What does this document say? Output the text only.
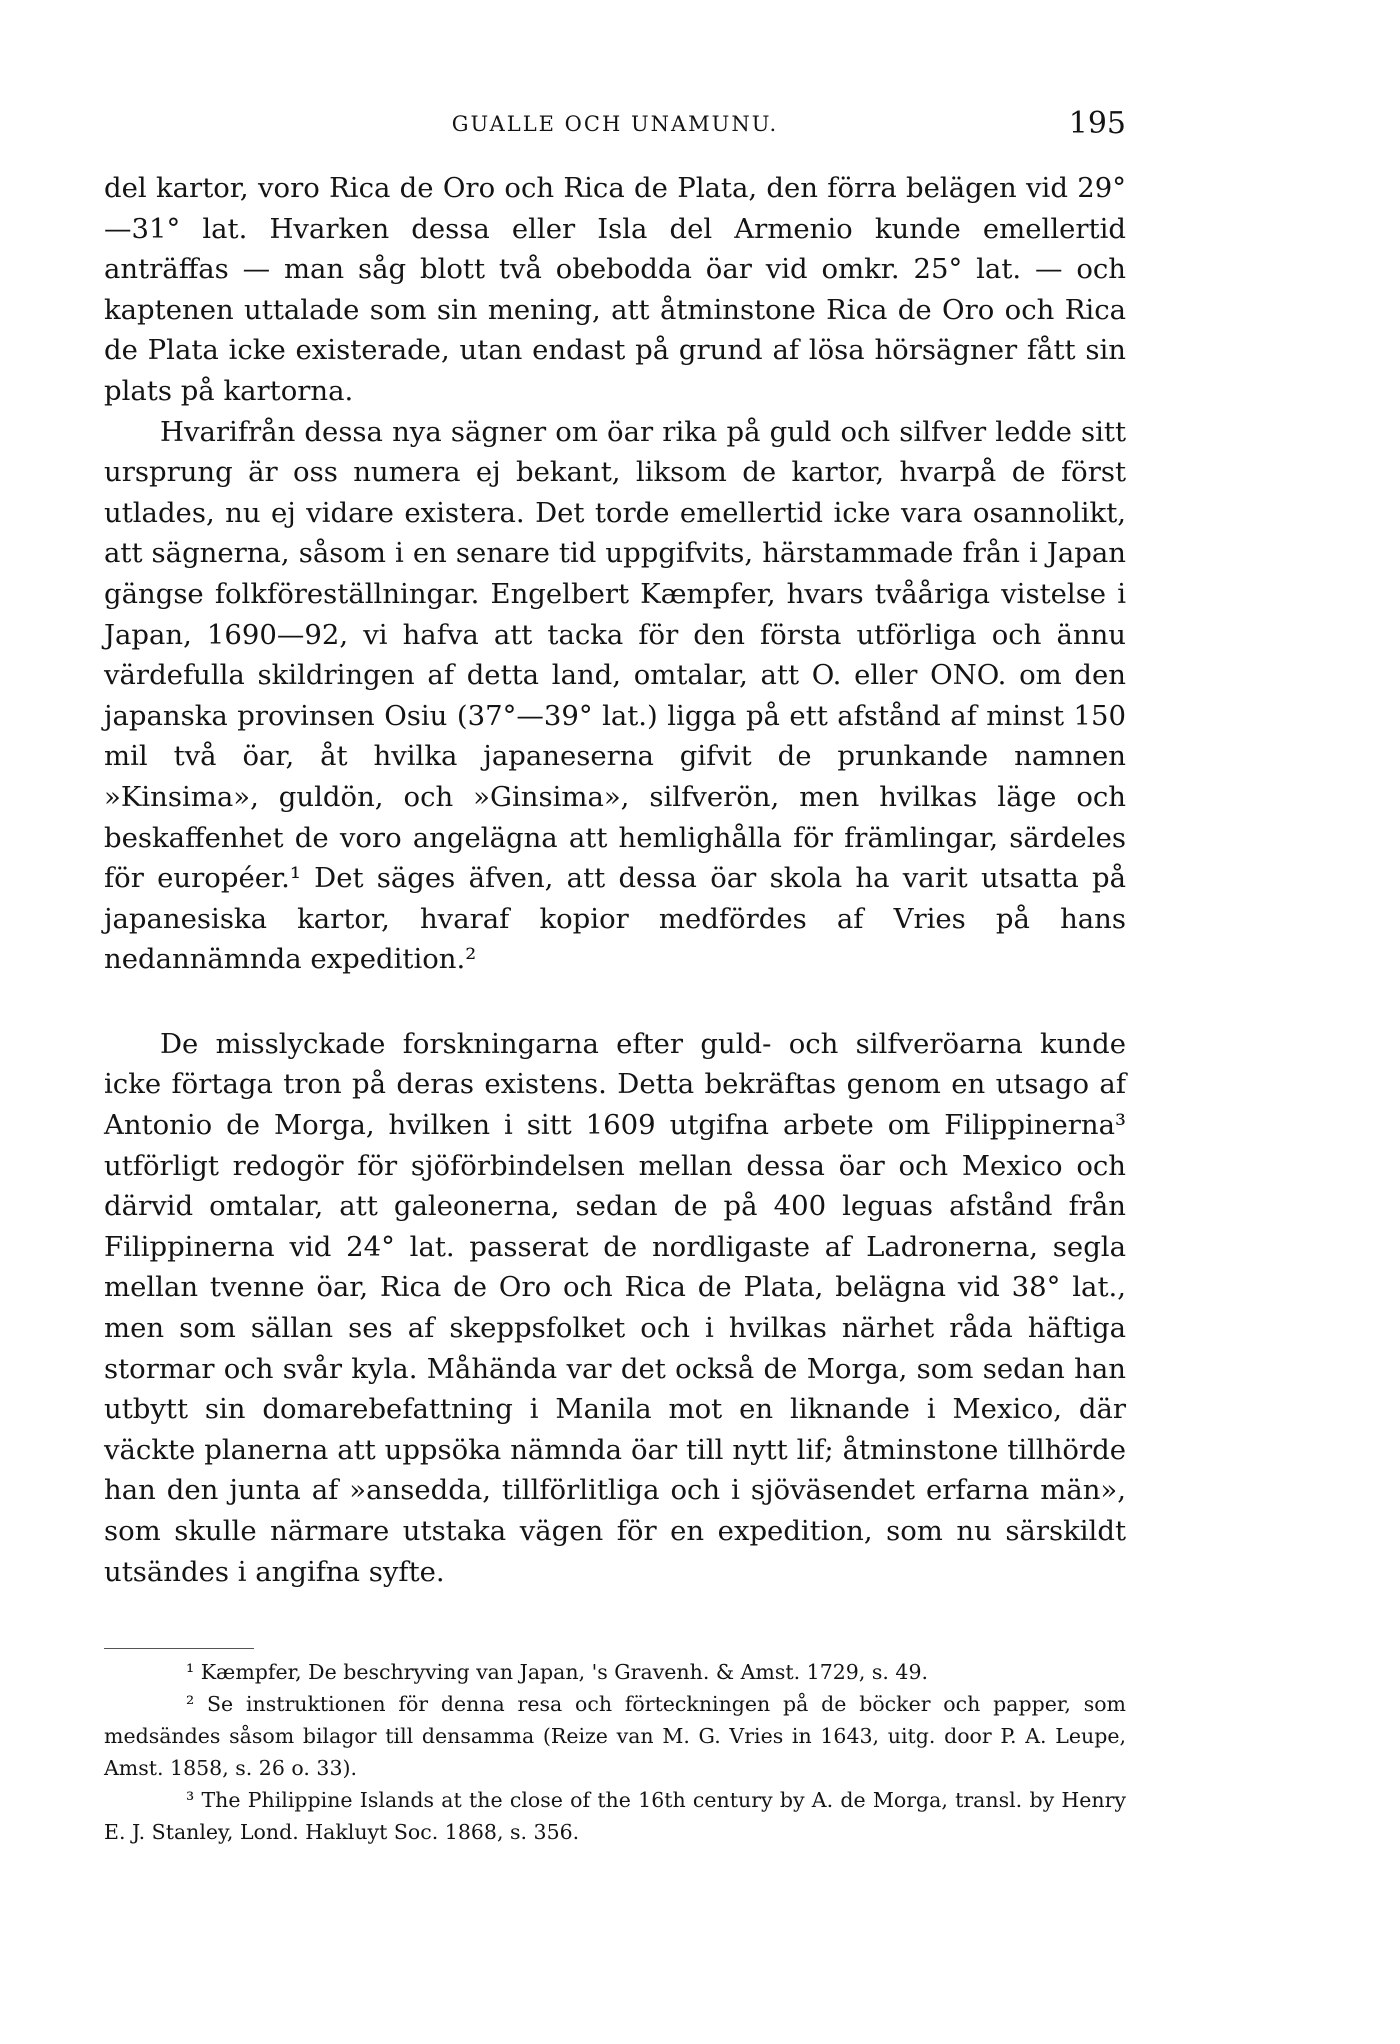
GUALLE OCH UNAMUNU.	195

del kartor, voro Rica de Oro och Rica de Plata, den förra belägen vid 29°—31° lat. Hvarken dessa eller Isla del Armenio kunde emellertid anträffas — man såg blott två obebodda öar vid omkr. 25° lat. — och kaptenen uttalade som sin mening, att åtminstone Rica de Oro och Rica de Plata icke existerade, utan endast på grund af lösa hörsägner fått sin plats på kartorna.

Hvarifrån dessa nya sägner om öar rika på guld och silfver ledde sitt ursprung är oss numera ej bekant, liksom de kartor, hvarpå de först utlades, nu ej vidare existera. Det torde emellertid icke vara osannolikt, att sägnerna, såsom i en senare tid uppgifvits, härstammade från i Japan gängse folkföreställningar. Engelbert Kæmpfer, hvars tvååriga vistelse i Japan, 1690—92, vi hafva att tacka för den första utförliga och ännu värdefulla skildringen af detta land, omtalar, att O. eller ONO. om den japanska provinsen Osiu (37°—39° lat.) ligga på ett afstånd af minst 150 mil två öar, åt hvilka japaneserna gifvit de prunkande namnen »Kinsima», guldön, och »Ginsima», silfverön, men hvilkas läge och beskaffenhet de voro angelägna att hemlighålla för främlingar, särdeles för européer.¹ Det säges äfven, att dessa öar skola ha varit utsatta på japanesiska kartor, hvaraf kopior medfördes af Vries på hans nedannämnda expedition.²

De misslyckade forskningarna efter guld- och silfveröarna kunde icke förtaga tron på deras existens. Detta bekräftas genom en utsago af Antonio de Morga, hvilken i sitt 1609 utgifna arbete om Filippinerna³ utförligt redogör för sjöförbindelsen mellan dessa öar och Mexico och därvid omtalar, att galeonerna, sedan de på 400 leguas afstånd från Filippinerna vid 24° lat. passerat de nordligaste af Ladronerna, segla mellan tvenne öar, Rica de Oro och Rica de Plata, belägna vid 38° lat., men som sällan ses af skeppsfolket och i hvilkas närhet råda häftiga stormar och svår kyla. Måhända var det också de Morga, som sedan han utbytt sin domarebefattning i Manila mot en liknande i Mexico, där väckte planerna att uppsöka nämnda öar till nytt lif; åtminstone tillhörde han den junta af »ansedda, tillförlitliga och i sjöväsendet erfarna män», som skulle närmare utstaka vägen för en expedition, som nu särskildt utsändes i angifna syfte.

¹ Kæmpfer, De beschryving van Japan, 's Gravenh. & Amst. 1729, s. 49.

² Se instruktionen för denna resa och förteckningen på de böcker och papper, som medsändes såsom bilagor till densamma (Reize van M. G. Vries in 1643, uitg. door P. A. Leupe, Amst. 1858, s. 26 o. 33).

³ The Philippine Islands at the close of the 16th century by A. de Morga, transl. by Henry E. J. Stanley, Lond. Hakluyt Soc. 1868, s. 356.
